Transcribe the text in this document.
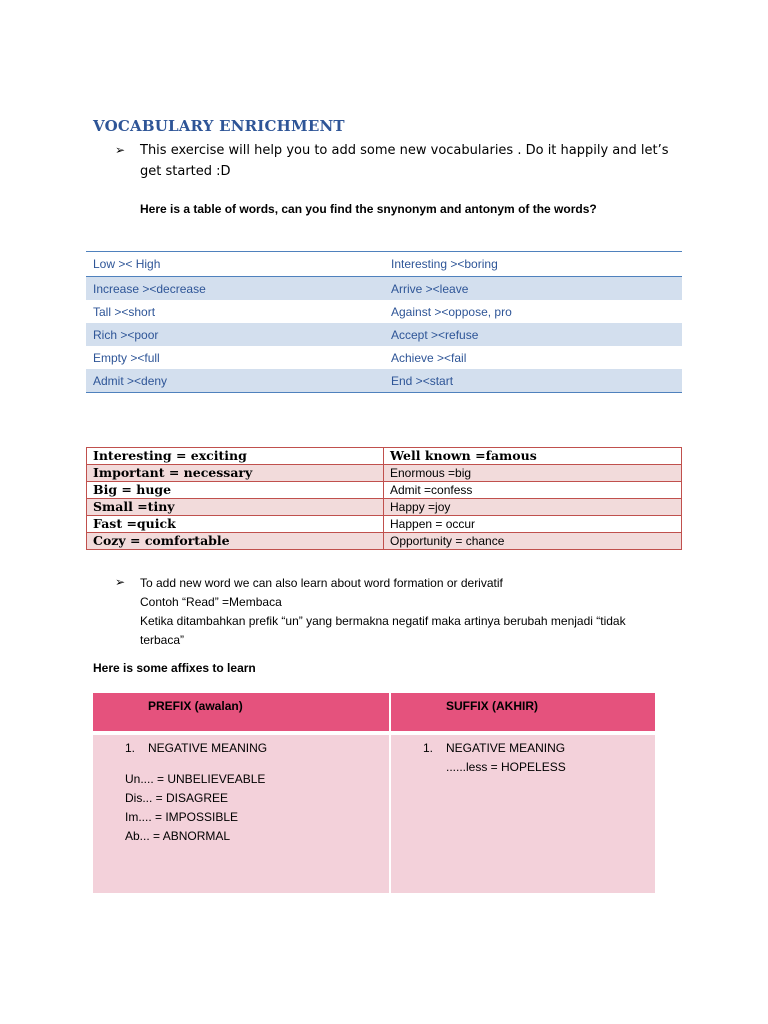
VOCABULARY ENRICHMENT
➢ This exercise will help you to add some new vocabularies . Do it happily and let’s
get started :D
Here is a table of words, can you find the snynonym and antonym of the words?
Low >< High	Interesting ><boring
Increase ><decrease	Arrive ><leave
Tall ><short	Against ><oppose, pro
Rich ><poor	Accept ><refuse
Empty ><full	Achieve ><fail
Admit ><deny	End ><start
Interesting = exciting	Well known =famous
Important = necessary	Enormous =big
Big = huge	Admit =confess
Small =tiny	Happy =joy
Fast =quick	Happen = occur
Cozy = comfortable	Opportunity = chance
➢ To add new word we can also learn about word formation or derivatif
Contoh “Read” =Membaca
Ketika ditambahkan prefik “un” yang bermakna negatif maka artinya berubah menjadi “tidak
terbaca”
Here is some affixes to learn
PREFIX (awalan)	SUFFIX (AKHIR)
1. NEGATIVE MEANING
Un.... = UNBELIEVEABLE
Dis... = DISAGREE
Im.... = IMPOSSIBLE
Ab... = ABNORMAL
1. NEGATIVE MEANING
......less = HOPELESS
